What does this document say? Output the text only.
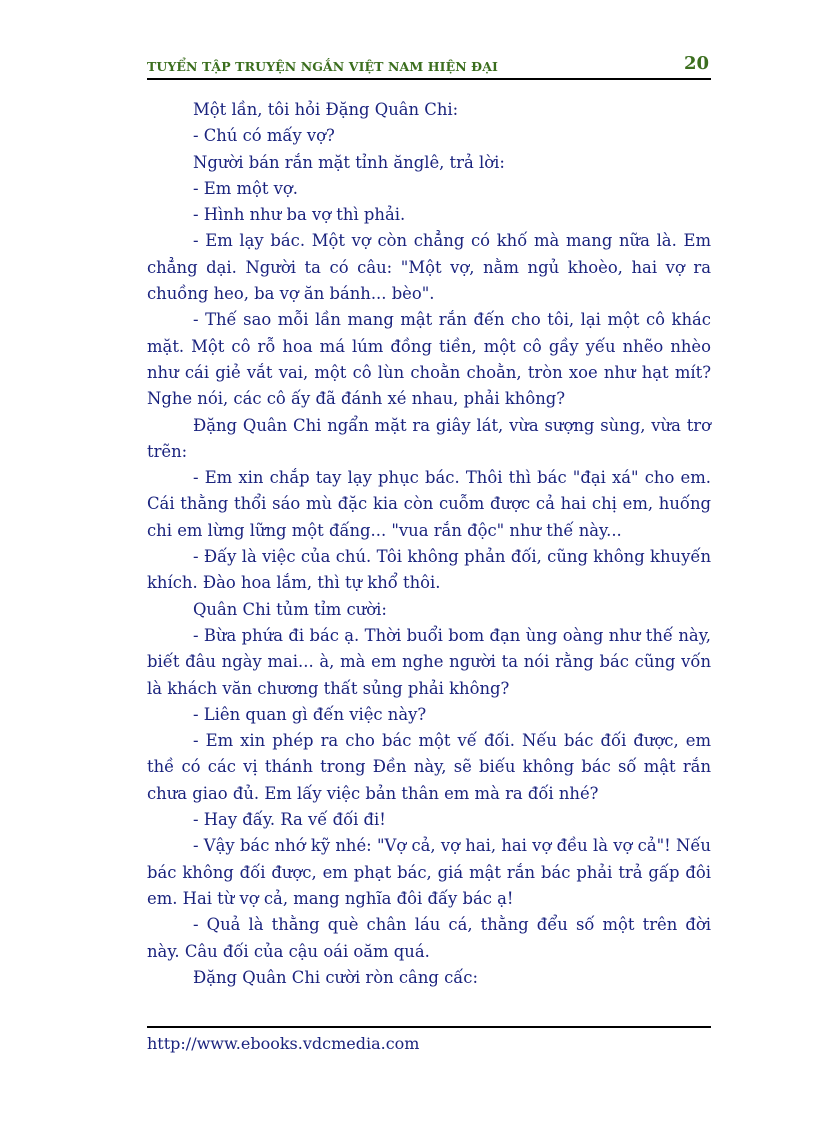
TUYỂN TẬP TRUYỆN NGẮN VIỆT NAM HIỆN ĐẠI	20

Một lần, tôi hỏi Đặng Quân Chi:

- Chú có mấy vợ?

Người bán rắn mặt tỉnh ănglê, trả lời:

- Em một vợ.

- Hình như ba vợ thì phải.

- Em lạy bác. Một vợ còn chẳng có khố mà mang nữa là. Em chẳng dại. Người ta có câu: "Một vợ, nằm ngủ khoèo, hai vợ ra chuồng heo, ba vợ ăn bánh... bèo".

- Thế sao mỗi lần mang mật rắn đến cho tôi, lại một cô khác mặt. Một cô rỗ hoa má lúm đồng tiền, một cô gầy yếu nhẽo nhèo như cái giẻ vắt vai, một cô lùn choằn choằn, tròn xoe như hạt mít? Nghe nói, các cô ấy đã đánh xé nhau, phải không?

Đặng Quân Chi ngẩn mặt ra giây lát, vừa sượng sùng, vừa trơ trẽn:

- Em xin chắp tay lạy phục bác. Thôi thì bác "đại xá" cho em. Cái thằng thổi sáo mù đặc kia còn cuỗm được cả hai chị em, huống chi em lừng lững một đấng... "vua rắn độc" như thế này...

- Đấy là việc của chú. Tôi không phản đối, cũng không khuyến khích. Đào hoa lắm, thì tự khổ thôi.

Quân Chi tủm tỉm cười:

- Bừa phứa đi bác ạ. Thời buổi bom đạn ùng oàng như thế này, biết đâu ngày mai... à, mà em nghe người ta nói rằng bác cũng vốn là khách văn chương thất sủng phải không?

- Liên quan gì đến việc này?

- Em xin phép ra cho bác một vế đối. Nếu bác đối được, em thề có các vị thánh trong Đền này, sẽ biếu không bác số mật rắn chưa giao đủ. Em lấy việc bản thân em mà ra đối nhé?

- Hay đấy. Ra vế đối đi!

- Vậy bác nhớ kỹ nhé: "Vợ cả, vợ hai, hai vợ đều là vợ cả"! Nếu bác không đối được, em phạt bác, giá mật rắn bác phải trả gấp đôi em. Hai từ vợ cả, mang nghĩa đôi đấy bác ạ!

- Quả là thằng què chân láu cá, thằng đểu số một trên đời này. Câu đối của cậu oái oăm quá.

Đặng Quân Chi cười ròn câng cấc:

http://www.ebooks.vdcmedia.com
